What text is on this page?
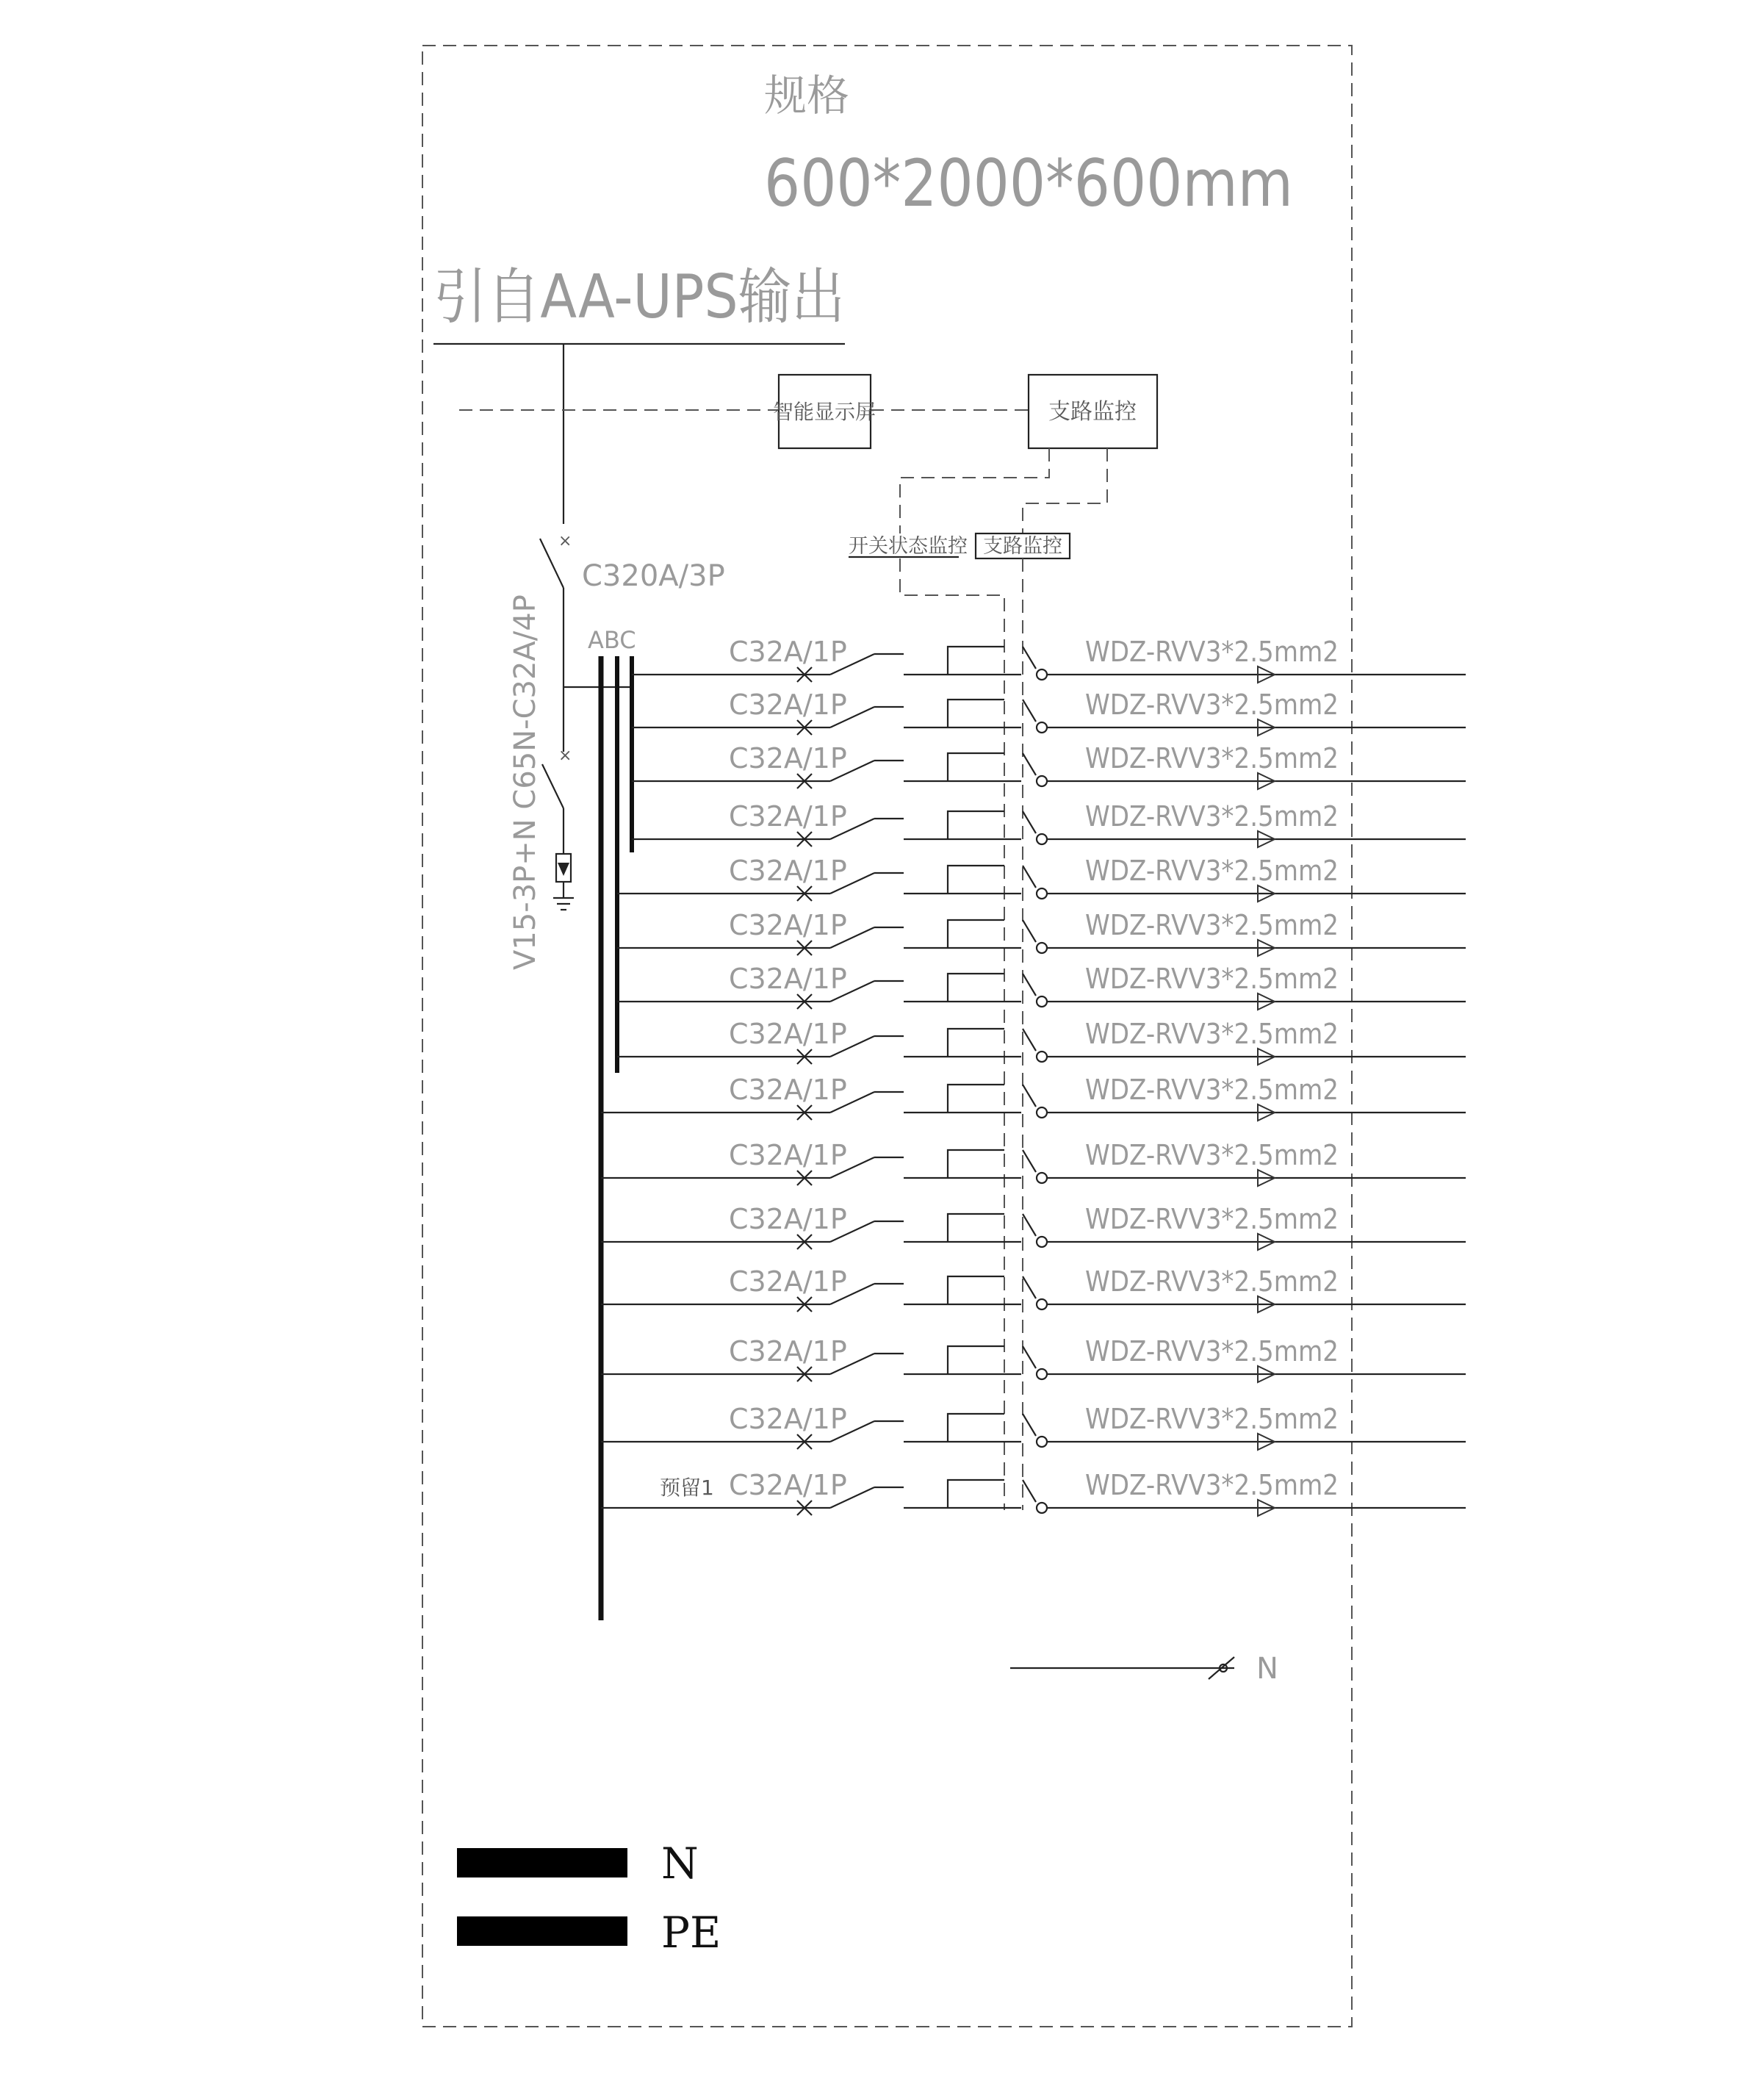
规格
600*2000*600mm
引自AA-UPS输出
×
C320A/3P
×
V15-3P+N C65N-C32A/4P ABC
智能显示屏	支路监控
开关状态监控 支路监控
C32A/1P	WDZ-RVV3*2.5mm2
C32A/1P	WDZ-RVV3*2.5mm2
C32A/1P	WDZ-RVV3*2.5mm2
C32A/1P	WDZ-RVV3*2.5mm2
C32A/1P	WDZ-RVV3*2.5mm2
C32A/1P	WDZ-RVV3*2.5mm2
C32A/1P	WDZ-RVV3*2.5mm2
C32A/1P	WDZ-RVV3*2.5mm2
C32A/1P	WDZ-RVV3*2.5mm2
C32A/1P	WDZ-RVV3*2.5mm2
C32A/1P	WDZ-RVV3*2.5mm2
C32A/1P	WDZ-RVV3*2.5mm2
C32A/1P	WDZ-RVV3*2.5mm2
C32A/1P	WDZ-RVV3*2.5mm2
C32A/1P	WDZ-RVV3*2.5mm2
预留1
N
N
PE
